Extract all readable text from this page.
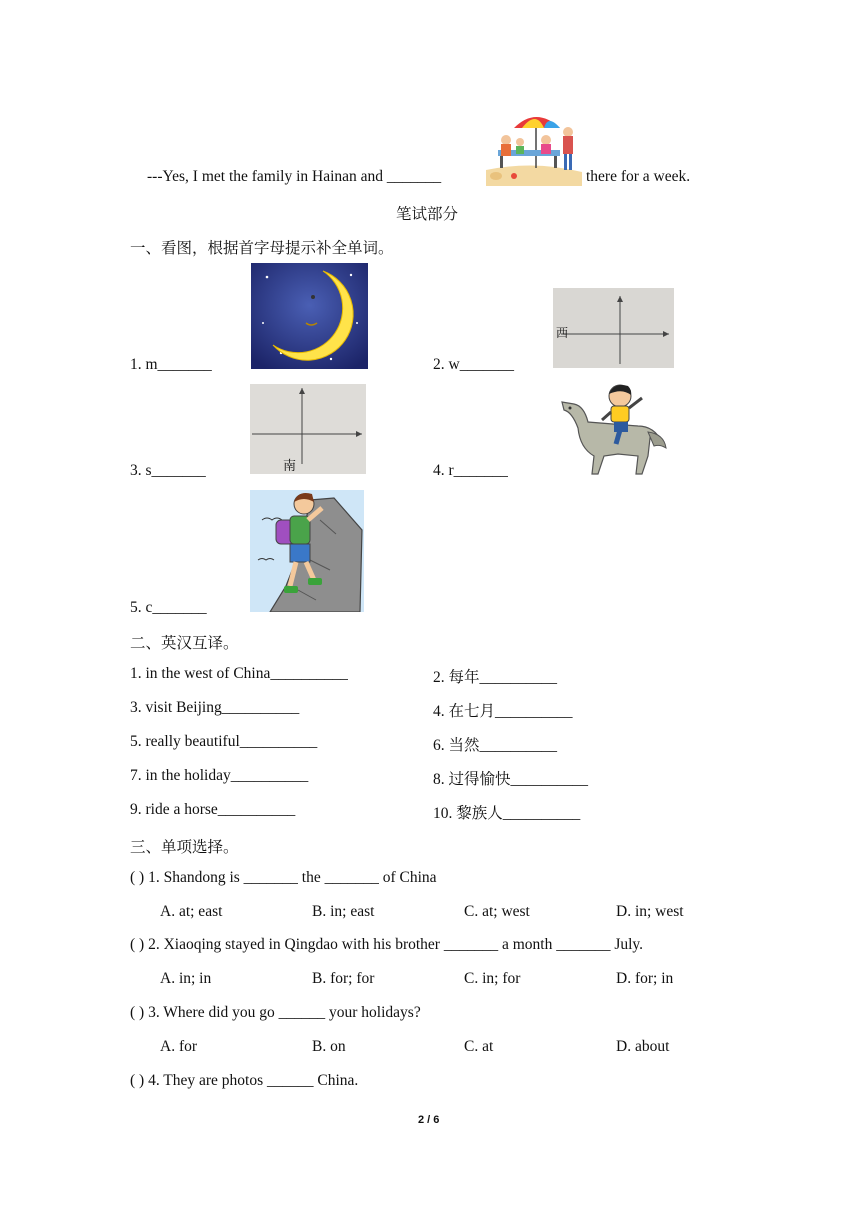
---Yes, I met the family in Hainan and _______	there for a week.
笔试部分
一、看图，根据首字母提示补全单词。
1. m_______
西
2. w_______
南
3. s_______	4. r_______
5. c_______
二、英汉互译。
1. in the west of China__________	2. 每年__________
3. visit Beijing__________	4. 在七月__________
5. really beautiful__________	6. 当然__________
7. in the holiday__________	8. 过得愉快__________
9. ride a horse__________	10. 黎族人__________
三、单项选择。
( ) 1. Shandong is _______ the _______ of China
A. at; east	B. in; east	C. at; west	D. in; west
( ) 2. Xiaoqing stayed in Qingdao with his brother _______ a month _______ July.
A. in; in	B. for; for	C. in; for	D. for; in
( ) 3. Where did you go ______ your holidays?
A. for	B. on	C. at	D. about
( ) 4. They are photos ______ China.
2 / 6
